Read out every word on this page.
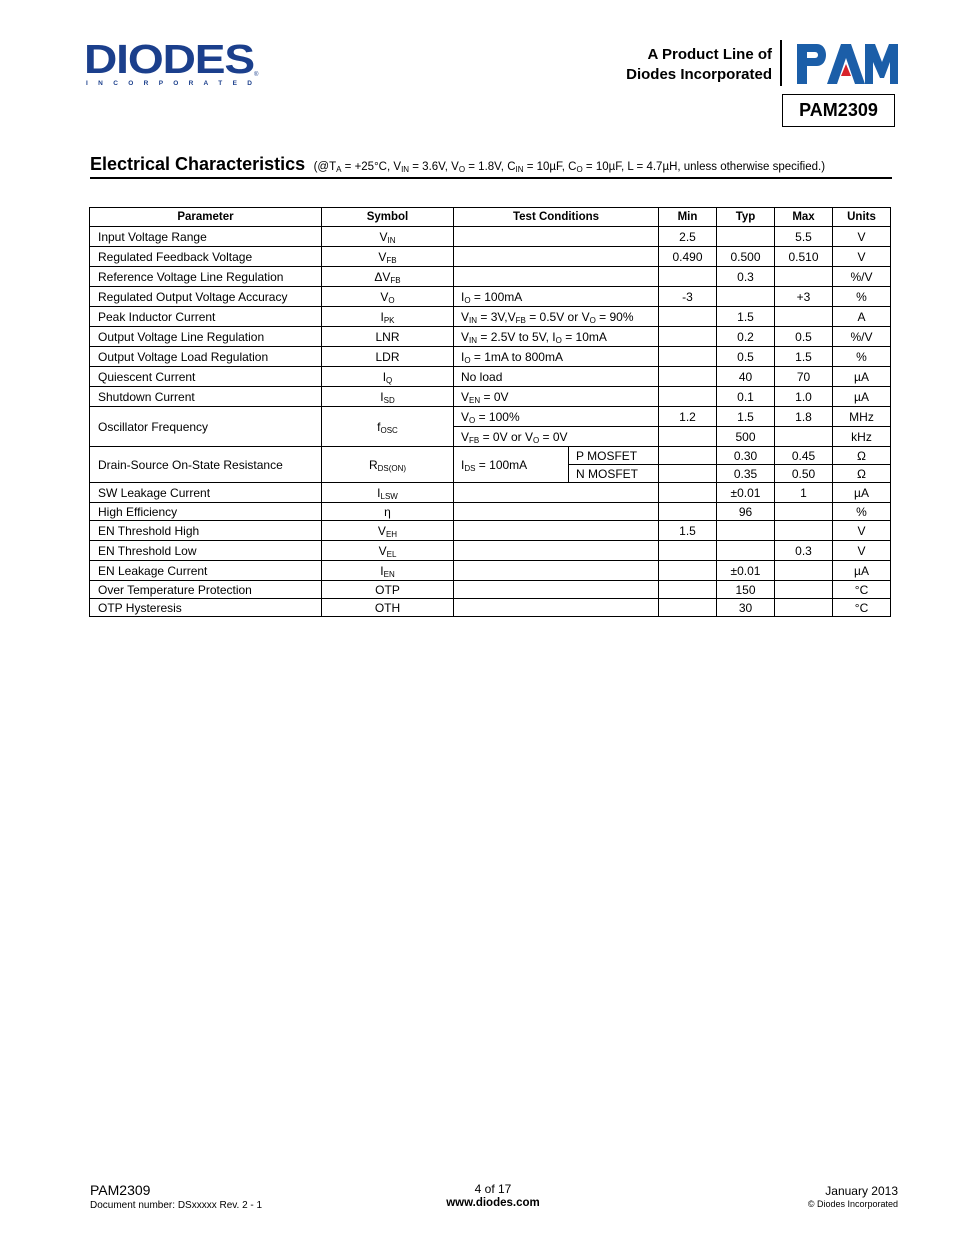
DIODES
I N C O R P O R A T E D
®
A Product Line of
Diodes Incorporated
PAM
PAM2309
Electrical Characteristics ($@T_A = +25^\circ C$, $V_{IN} = 3.6V$, $V_O = 1.8V$, $C_{IN} = 10\mu F$, $C_O = 10\mu F$, L = 4.7µH, unless otherwise specified.)
Parameter	Symbol	Test Conditions		Min	Typ	Max	Units
Input Voltage Range	$V_{IN}$			2.5		5.5	V
Regulated Feedback Voltage	$V_{FB}$			0.490	0.500	0.510	V
Reference Voltage Line Regulation	$\Delta V_{FB}$				0.3		%/V
Regulated Output Voltage Accuracy	$V_O$	$I_O = 100mA$		-3		+3	%
Peak Inductor Current	$I_{PK}$	$V_{IN} = 3V,V_{FB} = 0.5V$ or $V_O = 90\%$			1.5		A
Output Voltage Line Regulation	LNR	$V_{IN} = 2.5V$ to 5V, $I_O = 10mA$			0.2	0.5	%/V
Output Voltage Load Regulation	LDR	$I_O = 1mA$ to 800mA			0.5	1.5	%
Quiescent Current	$I_Q$	No load			40	70	µA
Shutdown Current	$I_{SD}$	$V_{EN} = 0V$			0.1	1.0	µA
Oscillator Frequency	$f_{OSC}$	$V_O = 100\%$		1.2	1.5	1.8	MHz
		$V_{FB} = 0V$ or $V_O = 0V$			500		kHz
Drain-Source On-State Resistance	$R_{DS(ON)}$	$I_{DS} = 100mA$	P MOSFET		0.30	0.45	Ω
			N MOSFET		0.35	0.50	Ω
SW Leakage Current	$I_{LSW}$				±0.01	1	µA
High Efficiency	η				96		%
EN Threshold High	$V_{EH}$			1.5			V
EN Threshold Low	$V_{EL}$					0.3	V
EN Leakage Current	$I_{EN}$				±0.01		µA
Over Temperature Protection	OTP				150		°C
OTP Hysteresis	OTH				30		°C
PAM2309
Document number: DSxxxxx Rev. 2 - 1
4 of 17
www.diodes.com
January 2013
© Diodes Incorporated
